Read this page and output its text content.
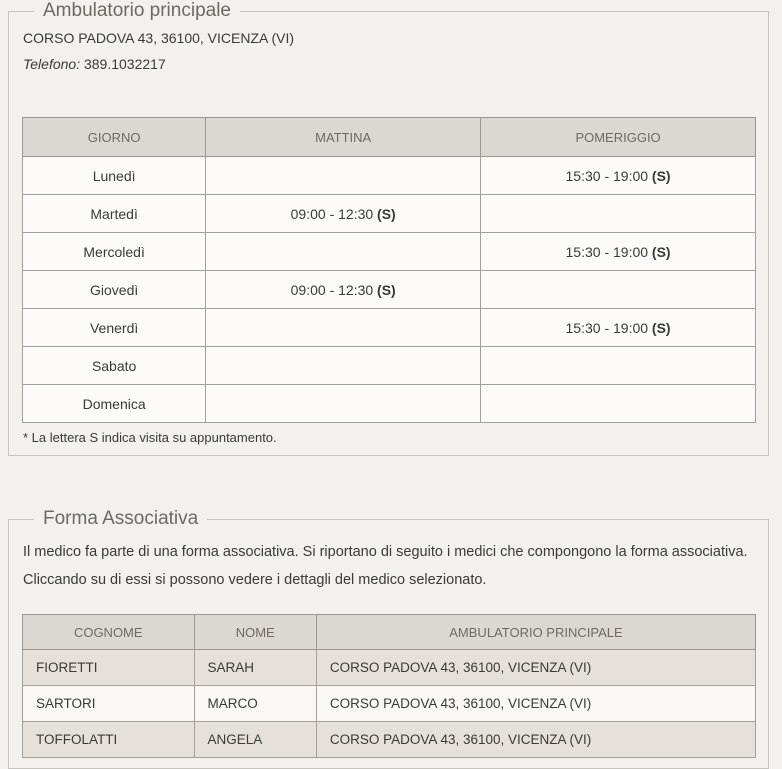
Ambulatorio principale

CORSO PADOVA 43, 36100, VICENZA (VI)

Telefono: 389.1032217

GIORNO	MATTINA	POMERIGGIO
Lunedì		15:30 - 19:00 (S)
Martedì	09:00 - 12:30 (S)	
Mercoledì		15:30 - 19:00 (S)
Giovedì	09:00 - 12:30 (S)	
Venerdì		15:30 - 19:00 (S)
Sabato		
Domenica		

* La lettera S indica visita su appuntamento.

Forma Associativa
Il medico fa parte di una forma associativa. Si riportano di seguito i medici che compongono la forma associativa.
Cliccando su di essi si possono vedere i dettagli del medico selezionato.
COGNOME	NOME	AMBULATORIO PRINCIPALE
FIORETTI	SARAH	CORSO PADOVA 43, 36100, VICENZA (VI)
SARTORI	MARCO	CORSO PADOVA 43, 36100, VICENZA (VI)
TOFFOLATTI	ANGELA	CORSO PADOVA 43, 36100, VICENZA (VI)
